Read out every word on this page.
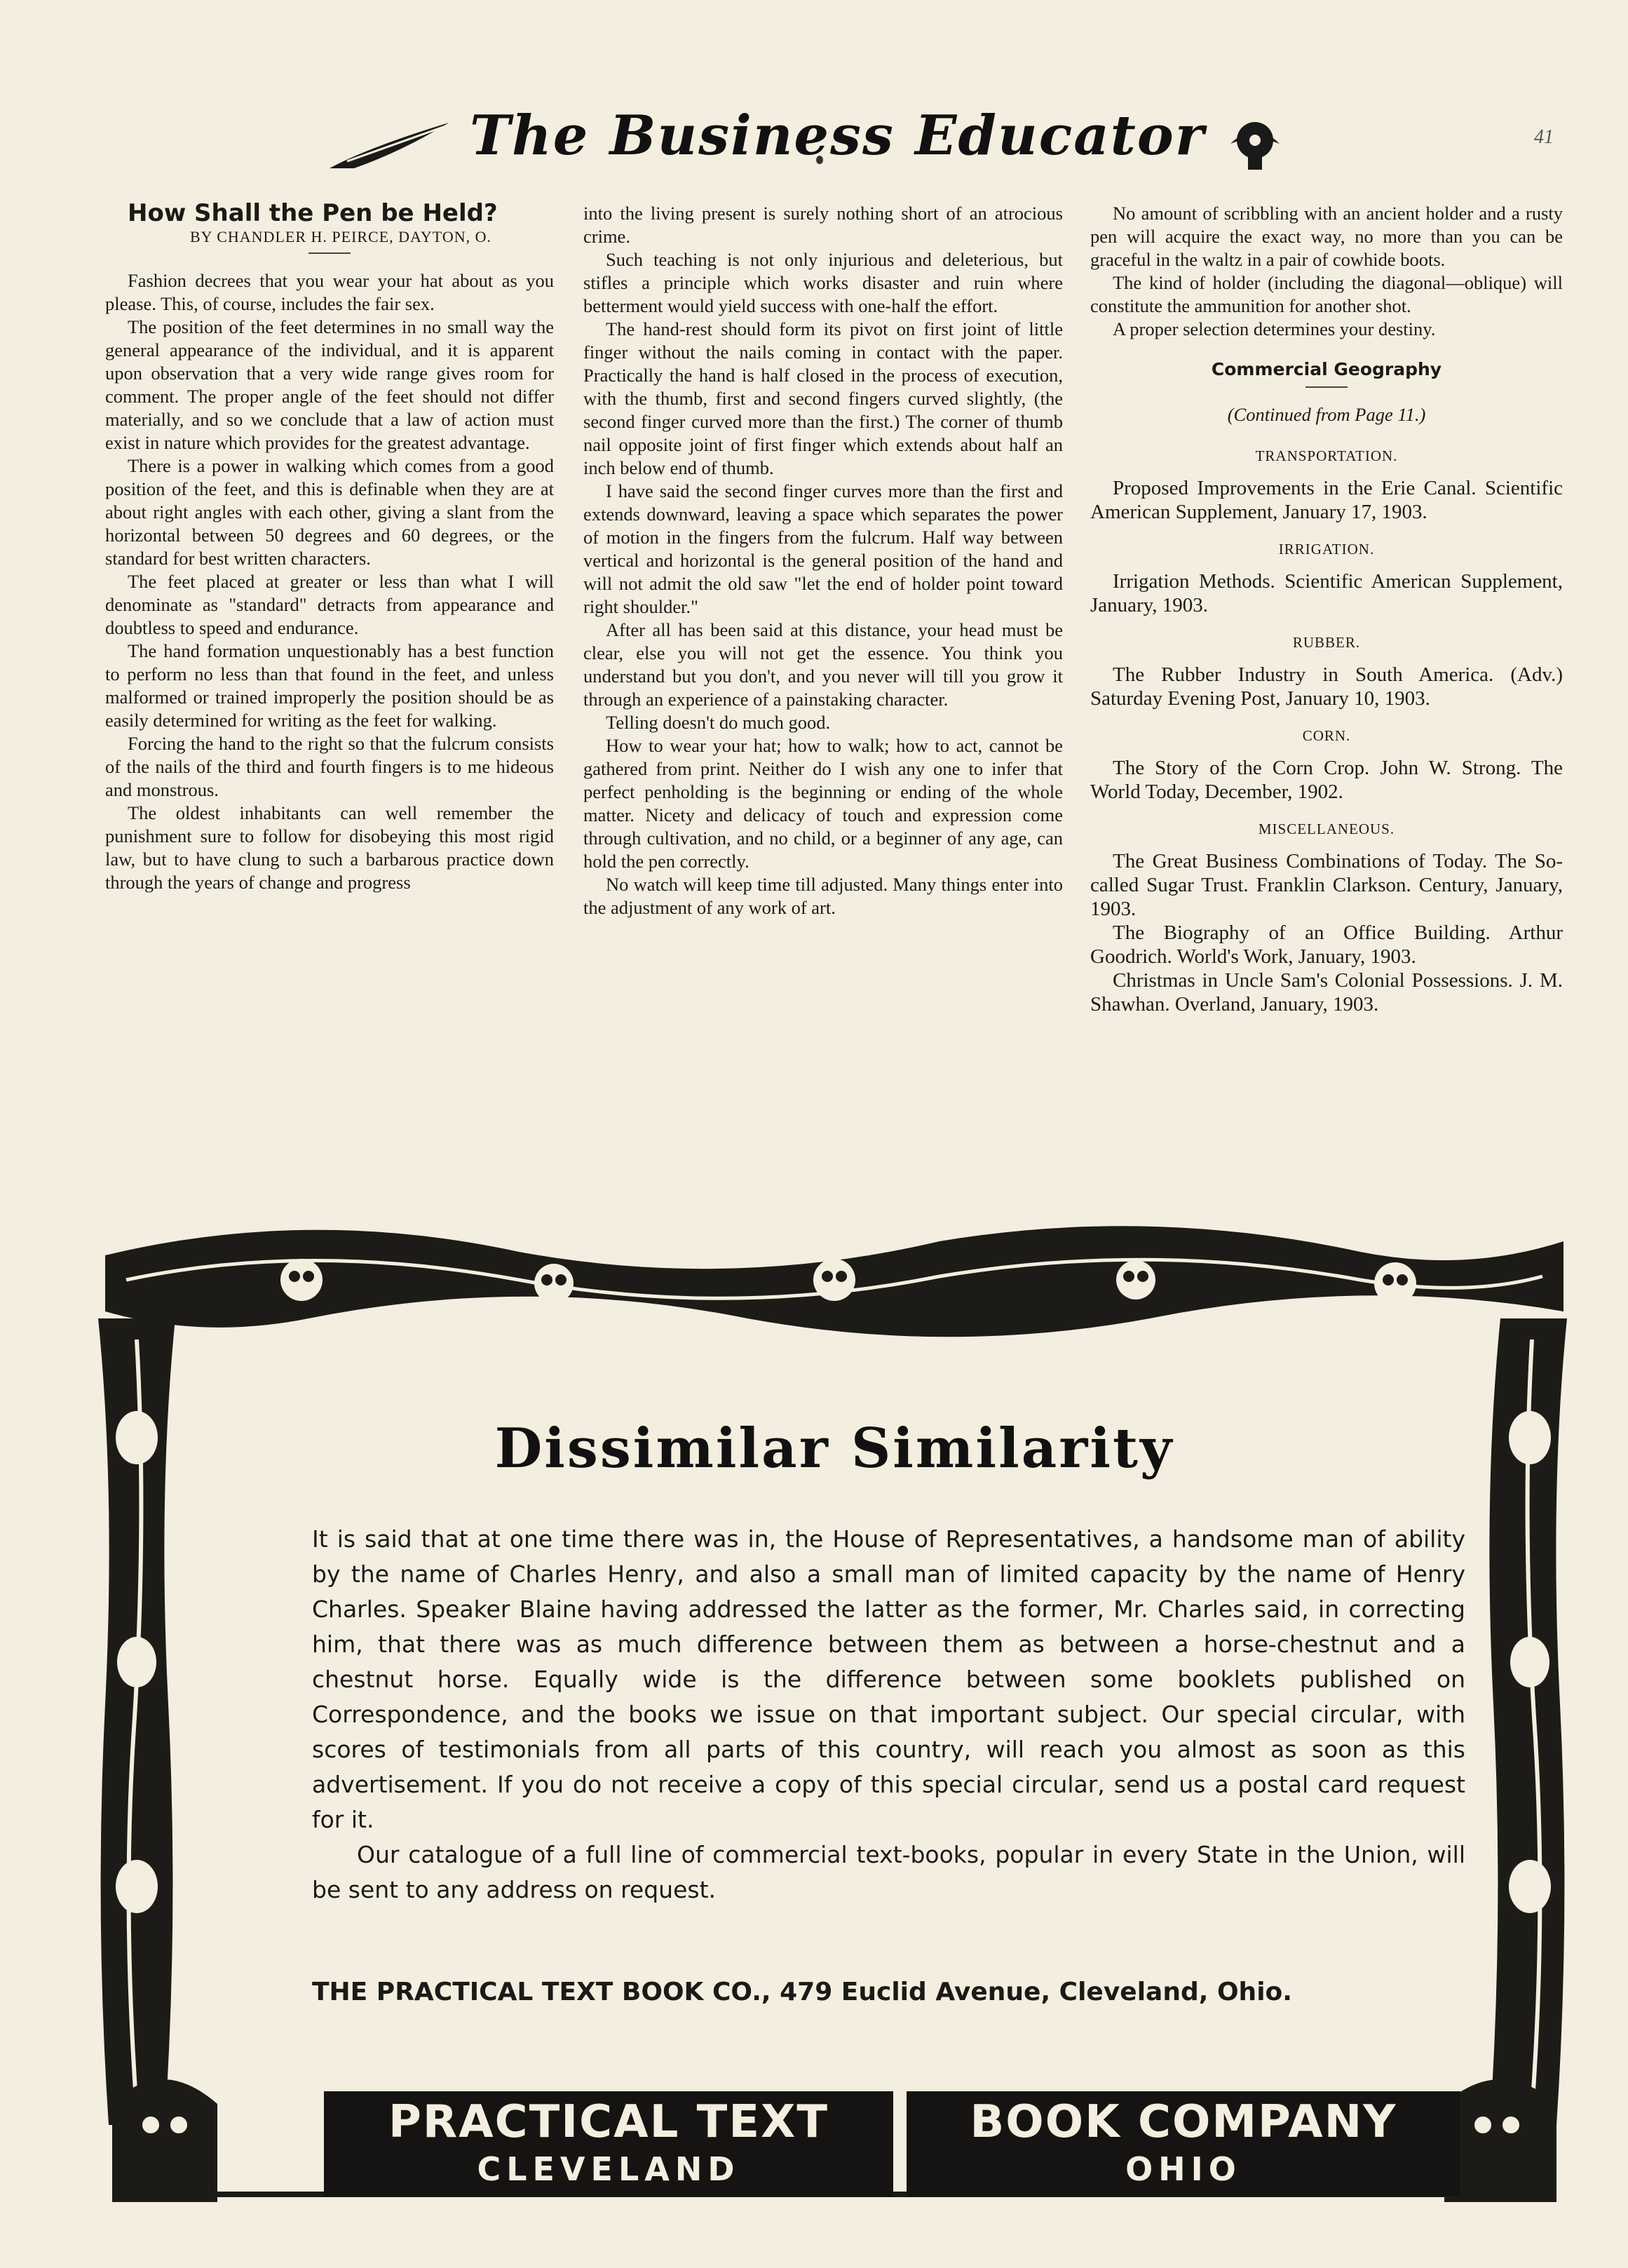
The Business Educator	41

How Shall the Pen be Held?

BY CHANDLER H. PEIRCE, DAYTON, O.

Fashion decrees that you wear your hat about as you please. This, of course, includes the fair sex.

The position of the feet determines in no small way the general appearance of the individual, and it is apparent upon observation that a very wide range gives room for comment. The proper angle of the feet should not differ materially, and so we conclude that a law of action must exist in nature which provides for the greatest advantage.

There is a power in walking which comes from a good position of the feet, and this is definable when they are at about right angles with each other, giving a slant from the horizontal between 50 degrees and 60 degrees, or the standard for best written characters.

The feet placed at greater or less than what I will denominate as "standard" detracts from appearance and doubtless to speed and endurance.

The hand formation unquestionably has a best function to perform no less than that found in the feet, and unless malformed or trained improperly the position should be as easily determined for writing as the feet for walking.

Forcing the hand to the right so that the fulcrum consists of the nails of the third and fourth fingers is to me hideous and monstrous.

The oldest inhabitants can well remember the punishment sure to follow for disobeying this most rigid law, but to have clung to such a barbarous practice down through the years of change and progress

into the living present is surely nothing short of an atrocious crime.

Such teaching is not only injurious and deleterious, but stifles a principle which works disaster and ruin where betterment would yield success with one-half the effort.

The hand-rest should form its pivot on first joint of little finger without the nails coming in contact with the paper. Practically the hand is half closed in the process of execution, with the thumb, first and second fingers curved slightly, (the second finger curved more than the first.) The corner of thumb nail opposite joint of first finger which extends about half an inch below end of thumb.

I have said the second finger curves more than the first and extends downward, leaving a space which separates the power of motion in the fingers from the fulcrum. Half way between vertical and horizontal is the general position of the hand and will not admit the old saw "let the end of holder point toward right shoulder."

After all has been said at this distance, your head must be clear, else you will not get the essence. You think you understand but you don't, and you never will till you grow it through an experience of a painstaking character.

Telling doesn't do much good.

How to wear your hat; how to walk; how to act, cannot be gathered from print. Neither do I wish any one to infer that perfect penholding is the beginning or ending of the whole matter. Nicety and delicacy of touch and expression come through cultivation, and no child, or a beginner of any age, can hold the pen correctly.

No watch will keep time till adjusted. Many things enter into the adjustment of any work of art.

No amount of scribbling with an ancient holder and a rusty pen will acquire the exact way, no more than you can be graceful in the waltz in a pair of cowhide boots.

The kind of holder (including the diagonal—oblique) will constitute the ammunition for another shot.

A proper selection determines your destiny.

Commercial Geography
(Continued from Page 11.)
TRANSPORTATION.

Proposed Improvements in the Erie Canal. Scientific American Supplement, January 17, 1903.

IRRIGATION.

Irrigation Methods. Scientific American Supplement, January, 1903.

RUBBER.

The Rubber Industry in South America. (Adv.) Saturday Evening Post, January 10, 1903.

CORN.

The Story of the Corn Crop. John W. Strong. The World Today, December, 1902.

MISCELLANEOUS.

The Great Business Combinations of Today. The So-called Sugar Trust. Franklin Clarkson. Century, January, 1903.

The Biography of an Office Building. Arthur Goodrich. World's Work, January, 1903.

Christmas in Uncle Sam's Colonial Possessions. J. M. Shawhan. Overland, January, 1903.

Dissimilar Similarity

It is said that at one time there was in, the House of Representatives, a handsome man of ability by the name of Charles Henry, and also a small man of limited capacity by the name of Henry Charles. Speaker Blaine having addressed the latter as the former, Mr. Charles said, in correcting him, that there was as much difference between them as between a horse-chestnut and a chestnut horse. Equally wide is the difference between some booklets published on Correspondence, and the books we issue on that important subject. Our special circular, with scores of testimonials from all parts of this country, will reach you almost as soon as this advertisement. If you do not receive a copy of this special circular, send us a postal card request for it.

Our catalogue of a full line of commercial text-books, popular in every State in the Union, will be sent to any address on request.

THE PRACTICAL TEXT BOOK CO., 479 Euclid Avenue, Cleveland, Ohio.
PRACTICAL TEXT
CLEVELAND
BOOK COMPANY
OHIO
